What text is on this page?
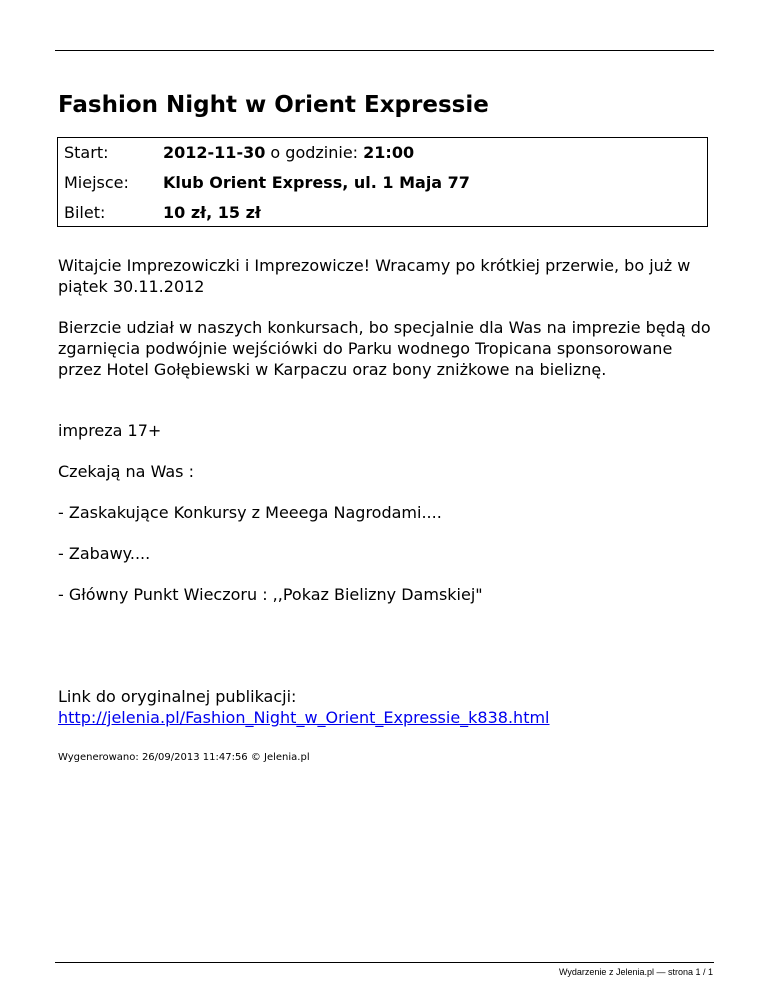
Fashion Night w Orient Expressie
Start:	2012-11-30 o godzinie: 21:00
Miejsce: Klub Orient Express, ul. 1 Maja 77
Bilet:	10 zł, 15 zł

Witajcie Imprezowiczki i Imprezowicze! Wracamy po krótkiej przerwie, bo już w piątek 30.11.2012

Bierzcie udział w naszych konkursach, bo specjalnie dla Was na imprezie będą do zgarnięcia podwójnie wejściówki do Parku wodnego Tropicana sponsorowane przez Hotel Gołębiewski w Karpaczu oraz bony zniżkowe na bieliznę.

impreza 17+

Czekają na Was :

- Zaskakujące Konkursy z Meeega Nagrodami....

- Zabawy....

- Główny Punkt Wieczoru : ,,Pokaz Bielizny Damskiej"

Link do oryginalnej publikacji:

http://jelenia.pl/Fashion_Night_w_Orient_Expressie_k838.html

Wygenerowano: 26/09/2013 11:47:56 © Jelenia.pl

Wydarzenie z Jelenia.pl — strona 1 / 1
